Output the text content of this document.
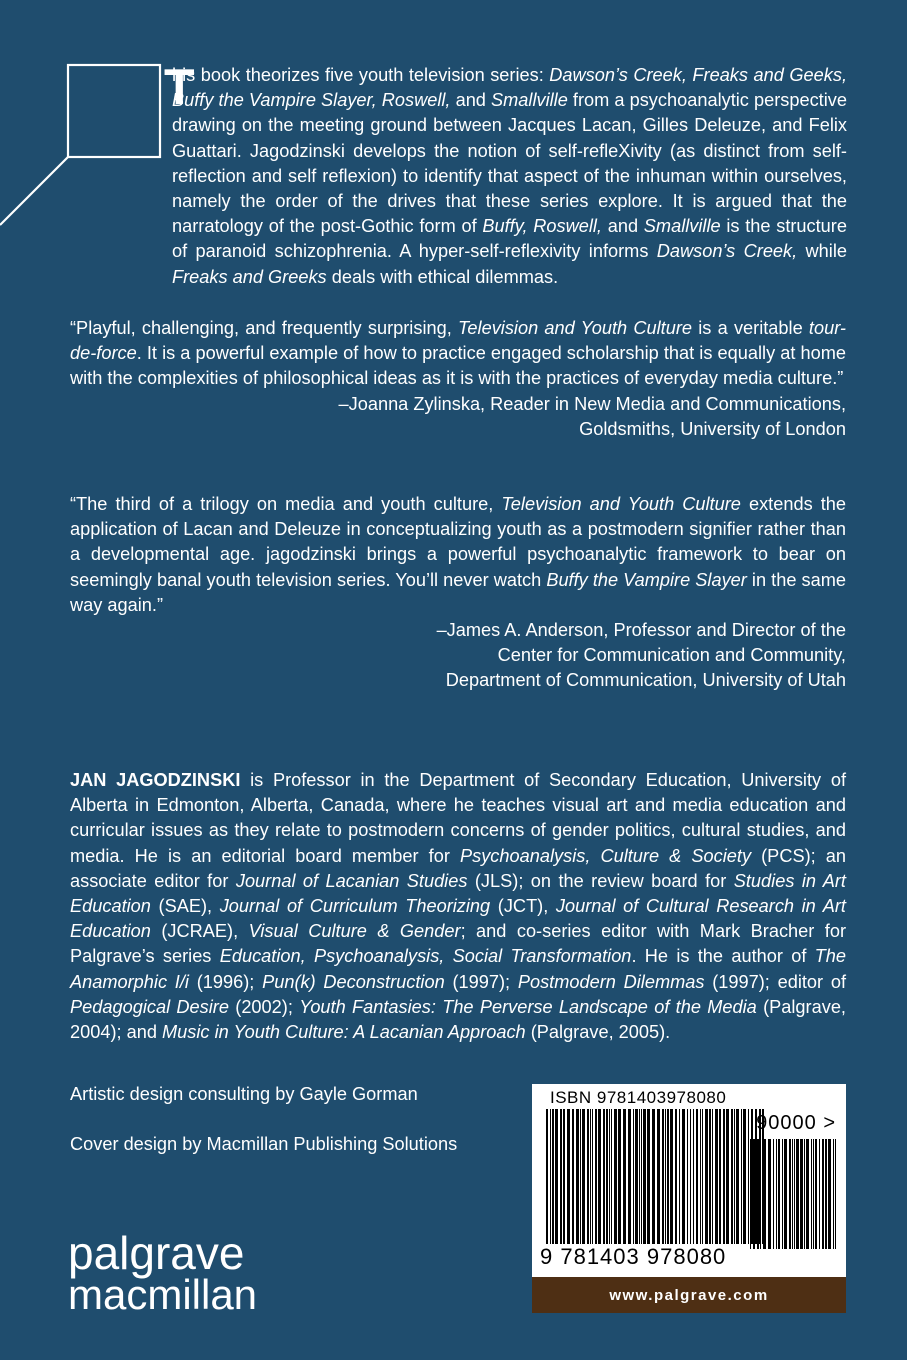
T
his book theorizes five youth television series: Dawson’s Creek, Freaks and Geeks, Buffy the Vampire Slayer, Roswell, and Smallville from a psychoanalytic perspective drawing on the meeting ground between Jacques Lacan, Gilles Deleuze, and Felix Guattari. Jagodzinski develops the notion of self-refleXivity (as distinct from self-reflection and self reflexion) to identify that aspect of the inhuman within ourselves, namely the order of the drives that these series explore. It is argued that the narratology of the post-Gothic form of Buffy, Roswell, and Smallville is the structure of paranoid schizophrenia. A hyper-self-reflexivity informs Dawson’s Creek, while Freaks and Greeks deals with ethical dilemmas.
“Playful, challenging, and frequently surprising, Television and Youth Culture is a veritable tour-de-force. It is a powerful example of how to practice engaged scholarship that is equally at home with the complexities of philosophical ideas as it is with the practices of everyday media culture.”
–Joanna Zylinska, Reader in New Media and Communications,
Goldsmiths, University of London
“The third of a trilogy on media and youth culture, Television and Youth Culture extends the application of Lacan and Deleuze in conceptualizing youth as a postmodern signifier rather than a developmental age. jagodzinski brings a powerful psychoanalytic framework to bear on seemingly banal youth television series. You’ll never watch Buffy the Vampire Slayer in the same way again.”
–James A. Anderson, Professor and Director of the
Center for Communication and Community,
Department of Communication, University of Utah
JAN JAGODZINSKI is Professor in the Department of Secondary Education, University of Alberta in Edmonton, Alberta, Canada, where he teaches visual art and media education and curricular issues as they relate to postmodern concerns of gender politics, cultural studies, and media. He is an editorial board member for Psychoanalysis, Culture & Society (PCS); an associate editor for Journal of Lacanian Studies (JLS); on the review board for Studies in Art Education (SAE), Journal of Curriculum Theorizing (JCT), Journal of Cultural Research in Art Education (JCRAE), Visual Culture & Gender; and co-series editor with Mark Bracher for Palgrave’s series Education, Psychoanalysis, Social Transformation. He is the author of The Anamorphic I/i (1996); Pun(k) Deconstruction (1997); Postmodern Dilemmas (1997); editor of Pedagogical Desire (2002); Youth Fantasies: The Perverse Landscape of the Media (Palgrave, 2004); and Music in Youth Culture: A Lacanian Approach (Palgrave, 2005).
Artistic design consulting by Gayle Gorman
Cover design by Macmillan Publishing Solutions
palgrave
macmillan
ISBN 9781403978080
90000 >
9 781403 978080
www.palgrave.com
